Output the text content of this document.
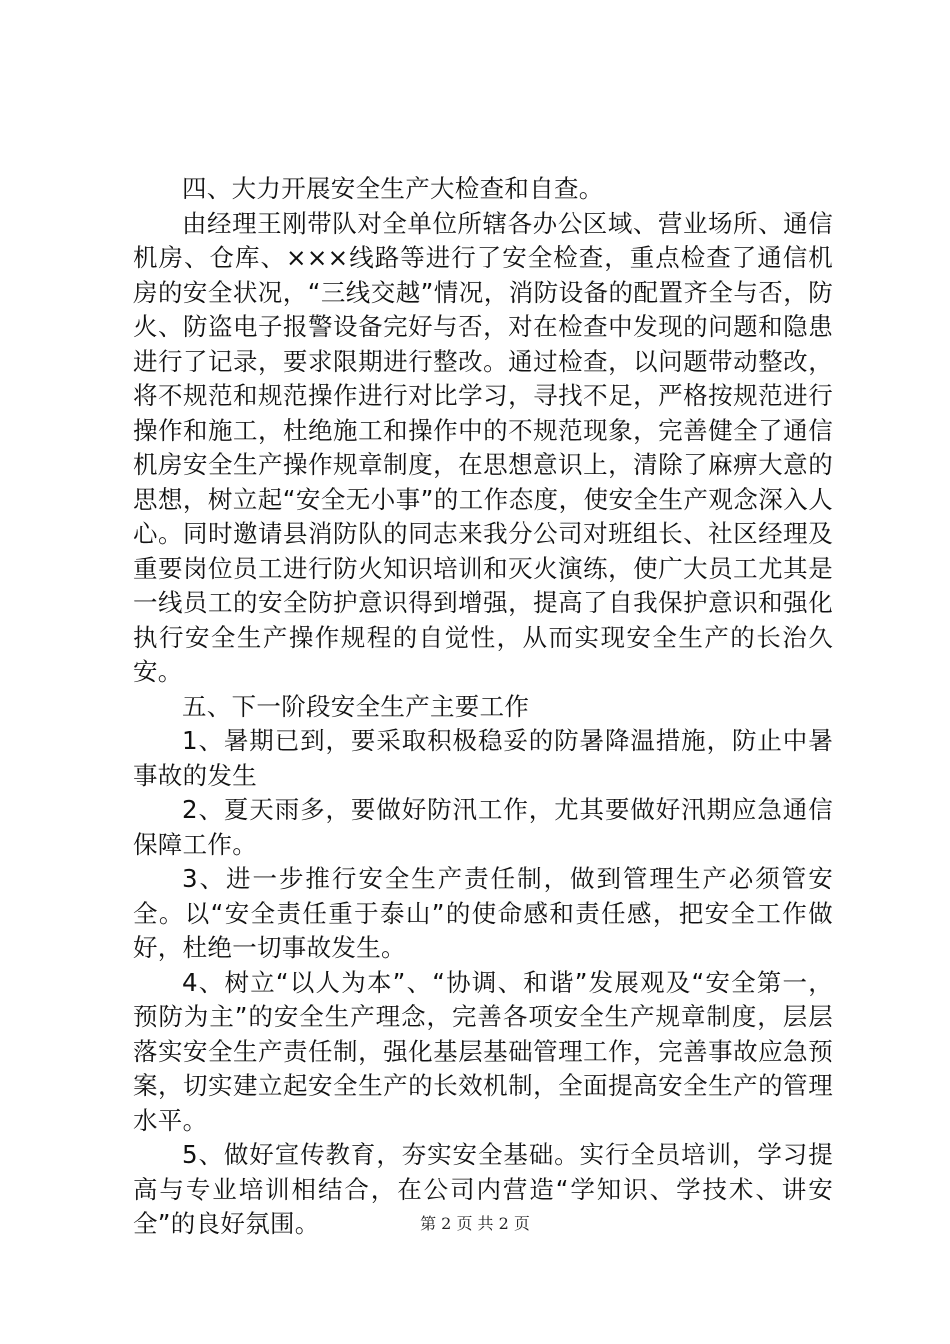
四、大力开展安全生产大检查和自查。

由经理王刚带队对全单位所辖各办公区域、营业场所、通信机房、仓库、×××线路等进行了安全检查，重点检查了通信机房的安全状况，“三线交越”情况，消防设备的配置齐全与否，防火、防盗电子报警设备完好与否，对在检查中发现的问题和隐患进行了记录，要求限期进行整改。通过检查，以问题带动整改，将不规范和规范操作进行对比学习，寻找不足，严格按规范进行操作和施工，杜绝施工和操作中的不规范现象，完善健全了通信机房安全生产操作规章制度，在思想意识上，清除了麻痹大意的思想，树立起“安全无小事”的工作态度，使安全生产观念深入人心。同时邀请县消防队的同志来我分公司对班组长、社区经理及重要岗位员工进行防火知识培训和灭火演练，使广大员工尤其是一线员工的安全防护意识得到增强，提高了自我保护意识和强化执行安全生产操作规程的自觉性，从而实现安全生产的长治久安。

五、下一阶段安全生产主要工作

1、暑期已到，要采取积极稳妥的防暑降温措施，防止中暑事故的发生

2、夏天雨多，要做好防汛工作，尤其要做好汛期应急通信保障工作。

3、进一步推行安全生产责任制，做到管理生产必须管安全。以“安全责任重于泰山”的使命感和责任感，把安全工作做好，杜绝一切事故发生。

4、树立“以人为本”、“协调、和谐”发展观及“安全第一，预防为主”的安全生产理念，完善各项安全生产规章制度，层层落实安全生产责任制，强化基层基础管理工作，完善事故应急预案，切实建立起安全生产的长效机制，全面提高安全生产的管理水平。

5、做好宣传教育，夯实安全基础。实行全员培训，学习提高与专业培训相结合，在公司内营造“学知识、学技术、讲安全”的良好氛围。	第 2 页 共 2 页
